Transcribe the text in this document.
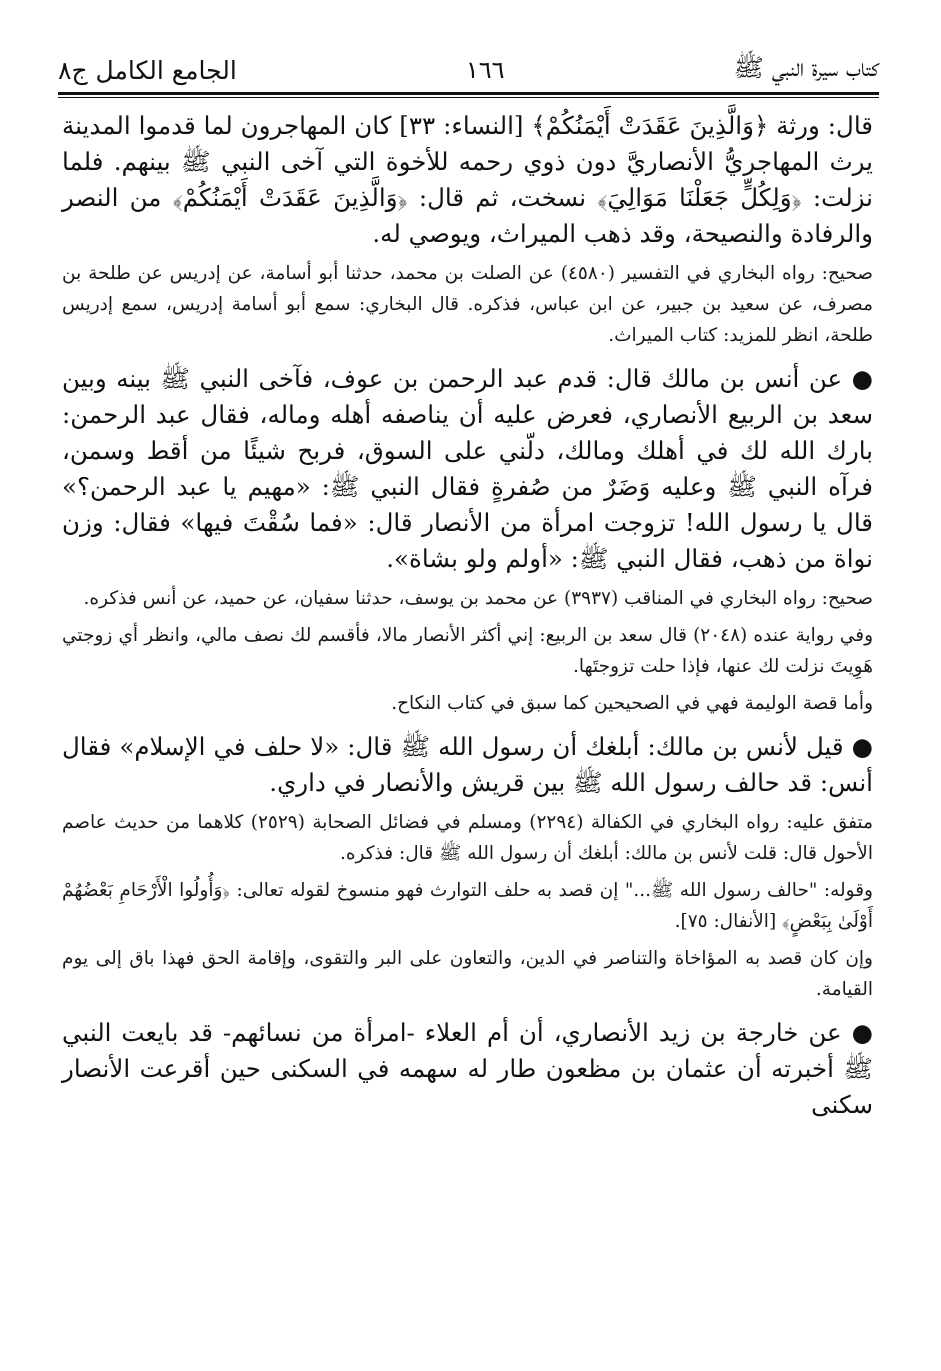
كتاب سيرة النبي ﷺ
١٦٦
الجامع الكامل ج٨

قال: ورثة ﴿وَالَّذِينَ عَقَدَتْ أَيْمَنُكُمْ﴾ [النساء: ٣٣] كان المهاجرون لما قدموا المدينة يرث المهاجريُّ الأنصاريَّ دون ذوي رحمه للأخوة التي آخى النبي ﷺ بينهم. فلما نزلت: ﴿وَلِكُلٍّ جَعَلْنَا مَوَالِيَ﴾ نسخت، ثم قال: ﴿وَالَّذِينَ عَقَدَتْ أَيْمَنُكُمْ﴾ من النصر والرفادة والنصيحة، وقد ذهب الميراث، ويوصي له.

صحيح: رواه البخاري في التفسير (٤٥٨٠) عن الصلت بن محمد، حدثنا أبو أسامة، عن إدريس عن طلحة بن مصرف، عن سعيد بن جبير، عن ابن عباس، فذكره. قال البخاري: سمع أبو أسامة إدريس، سمع إدريس طلحة، انظر للمزيد: كتاب الميراث.

● عن أنس بن مالك قال: قدم عبد الرحمن بن عوف، فآخى النبي ﷺ بينه وبين سعد بن الربيع الأنصاري، فعرض عليه أن يناصفه أهله وماله، فقال عبد الرحمن: بارك الله لك في أهلك ومالك، دلّني على السوق، فربح شيئًا من أقط وسمن، فرآه النبي ﷺ وعليه وَضَرٌ من صُفرةٍ فقال النبي ﷺ: «مهيم يا عبد الرحمن؟» قال يا رسول الله! تزوجت امرأة من الأنصار قال: «فما سُقْتَ فيها» فقال: وزن نواة من ذهب، فقال النبي ﷺ: «أولم ولو بشاة».

صحيح: رواه البخاري في المناقب (٣٩٣٧) عن محمد بن يوسف، حدثنا سفيان، عن حميد، عن أنس فذكره.

وفي رواية عنده (٢٠٤٨) قال سعد بن الربيع: إني أكثر الأنصار مالا، فأقسم لك نصف مالي، وانظر أي زوجتي هَوِيتَ نزلت لك عنها، فإذا حلت تزوجتَها.

وأما قصة الوليمة فهي في الصحيحين كما سبق في كتاب النكاح.

● قيل لأنس بن مالك: أبلغك أن رسول الله ﷺ قال: «لا حلف في الإسلام» فقال أنس: قد حالف رسول الله ﷺ بين قريش والأنصار في داري.

متفق عليه: رواه البخاري في الكفالة (٢٢٩٤) ومسلم في فضائل الصحابة (٢٥٢٩) كلاهما من حديث عاصم الأحول قال: قلت لأنس بن مالك: أبلغك أن رسول الله ﷺ قال: فذكره.

وقوله: "حالف رسول الله ﷺ..." إن قصد به حلف التوارث فهو منسوخ لقوله تعالى: ﴿وَأُولُوا الْأَرْحَامِ بَعْضُهُمْ أَوْلَىٰ بِبَعْضٍ﴾ [الأنفال: ٧٥].

وإن كان قصد به المؤاخاة والتناصر في الدين، والتعاون على البر والتقوى، وإقامة الحق فهذا باق إلى يوم القيامة.

● عن خارجة بن زيد الأنصاري، أن أم العلاء -امرأة من نسائهم- قد بايعت النبي ﷺ أخبرته أن عثمان بن مظعون طار له سهمه في السكنى حين أقرعت الأنصار سكنى
